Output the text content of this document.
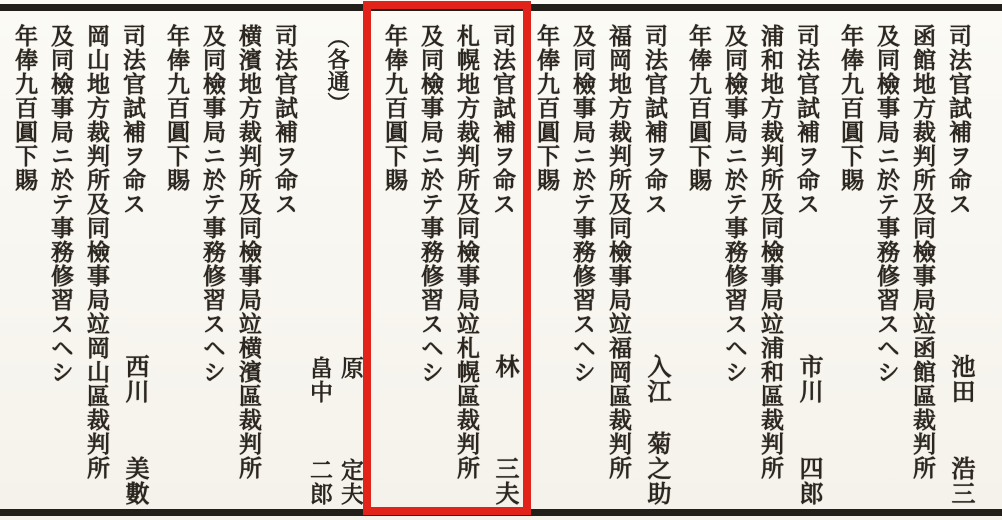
司法官試補ヲ命ス
池田
浩三
函館地方裁判所及同檢事局竝函館區裁判所
及同檢事局ニ於テ事務修習スヘシ
年俸九百圓下賜
司法官試補ヲ命ス
市川
四郎
浦和地方裁判所及同檢事局竝浦和區裁判所
及同檢事局ニ於テ事務修習スヘシ
年俸九百圓下賜
司法官試補ヲ命ス
入江
菊之助
福岡地方裁判所及同檢事局竝福岡區裁判所
及同檢事局ニ於テ事務修習スヘシ
年俸九百圓下賜
司法官試補ヲ命ス
林
三夫
札幌地方裁判所及同檢事局竝札幌區裁判所
及同檢事局ニ於テ事務修習スヘシ
年俸九百圓下賜
（各通）
原
定夫
畠中
二郎
司法官試補ヲ命ス
横濱地方裁判所及同檢事局竝横濱區裁判所
及同檢事局ニ於テ事務修習スヘシ
年俸九百圓下賜
司法官試補ヲ命ス
西川
美數
岡山地方裁判所及同檢事局竝岡山區裁判所
及同檢事局ニ於テ事務修習スヘシ
年俸九百圓下賜
